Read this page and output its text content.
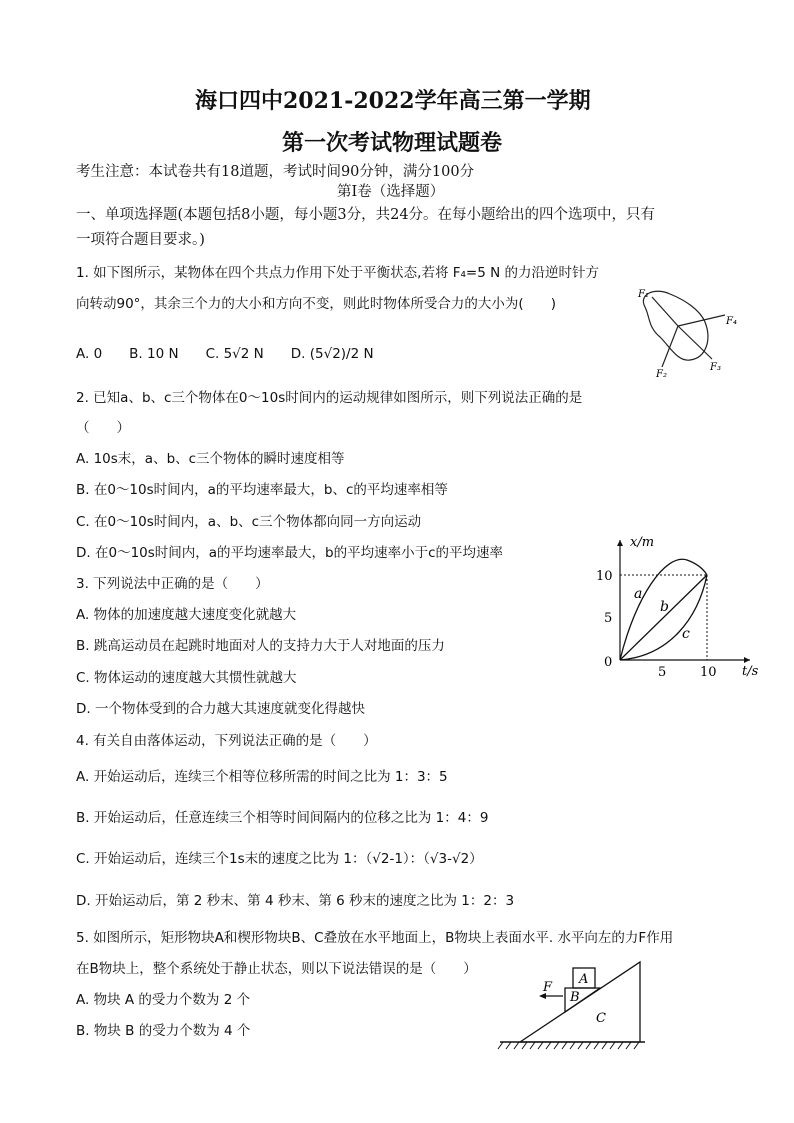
海口四中2021-2022学年高三第一学期
第一次考试物理试题卷
考生注意：本试卷共有18道题，考试时间90分钟，满分100分
第Ⅰ卷（选择题）
一、单项选择题(本题包括8小题，每小题3分，共24分。在每小题给出的四个选项中，只有
一项符合题目要求。)
1. 如下图所示，某物体在四个共点力作用下处于平衡状态,若将 F₄=5 N 的力沿逆时针方
向转动90°，其余三个力的大小和方向不变，则此时物体所受合力的大小为(　　)
A. 0　　B. 10 N　　C. 5√2 N　　D. (5√2)/2 N
F₁
F₂
F₃
F₄
2. 已知a、b、c三个物体在0～10s时间内的运动规律如图所示，则下列说法正确的是
（　　）
A. 10s末，a、b、c三个物体的瞬时速度相等
B. 在0～10s时间内，a的平均速率最大，b、c的平均速率相等
C. 在0～10s时间内，a、b、c三个物体都向同一方向运动
D. 在0～10s时间内，a的平均速率最大，b的平均速率小于c的平均速率
x/m
t/s
0
5
10
5	10
a
b
c
3. 下列说法中正确的是（　　）
A. 物体的加速度越大速度变化就越大
B. 跳高运动员在起跳时地面对人的支持力大于人对地面的压力
C. 物体运动的速度越大其惯性就越大
D. 一个物体受到的合力越大其速度就变化得越快
4. 有关自由落体运动，下列说法正确的是（　　）
A. 开始运动后，连续三个相等位移所需的时间之比为 1：3：5
B. 开始运动后，任意连续三个相等时间间隔内的位移之比为 1：4：9
C. 开始运动后，连续三个1s末的速度之比为 1：（√2-1）：（√3-√2）
D. 开始运动后，第 2 秒末、第 4 秒末、第 6 秒末的速度之比为 1：2：3
5. 如图所示，矩形物块A和楔形物块B、C叠放在水平地面上，B物块上表面水平. 水平向左的力F作用
在B物块上，整个系统处于静止状态，则以下说法错误的是（　　）
A. 物块 A 的受力个数为 2 个
B. 物块 B 的受力个数为 4 个
A
B
C
F
